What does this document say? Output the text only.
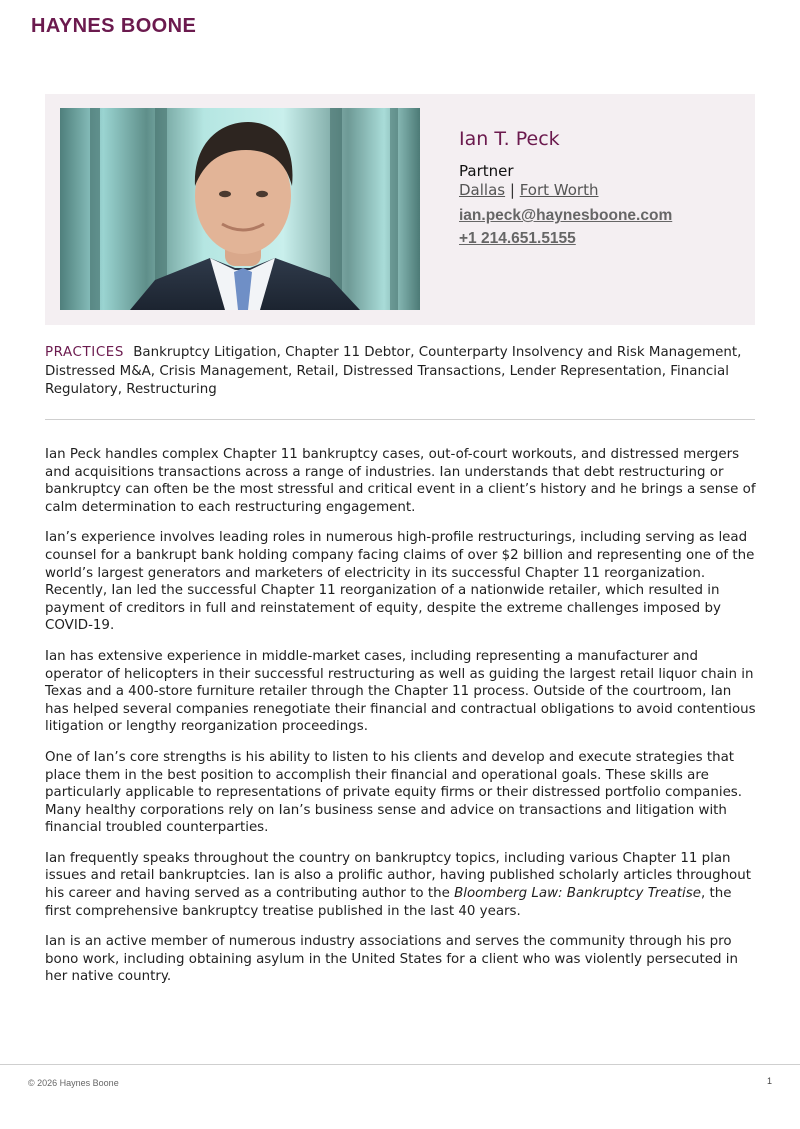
HAYNES BOONE
Ian T. Peck
Partner
Dallas | Fort Worth
ian.peck@haynesboone.com
+1 214.651.5155
PRACTICES Bankruptcy Litigation, Chapter 11 Debtor, Counterparty Insolvency and Risk Management, Distressed M&A, Crisis Management, Retail, Distressed Transactions, Lender Representation, Financial Regulatory, Restructuring

Ian Peck handles complex Chapter 11 bankruptcy cases, out-of-court workouts, and distressed mergers and acquisitions transactions across a range of industries. Ian understands that debt restructuring or bankruptcy can often be the most stressful and critical event in a client’s history and he brings a sense of calm determination to each restructuring engagement.

Ian’s experience involves leading roles in numerous high-profile restructurings, including serving as lead counsel for a bankrupt bank holding company facing claims of over $2 billion and representing one of the world’s largest generators and marketers of electricity in its successful Chapter 11 reorganization. Recently, Ian led the successful Chapter 11 reorganization of a nationwide retailer, which resulted in payment of creditors in full and reinstatement of equity, despite the extreme challenges imposed by COVID-19.

Ian has extensive experience in middle-market cases, including representing a manufacturer and operator of helicopters in their successful restructuring as well as guiding the largest retail liquor chain in Texas and a 400-store furniture retailer through the Chapter 11 process. Outside of the courtroom, Ian has helped several companies renegotiate their financial and contractual obligations to avoid contentious litigation or lengthy reorganization proceedings.

One of Ian’s core strengths is his ability to listen to his clients and develop and execute strategies that place them in the best position to accomplish their financial and operational goals. These skills are particularly applicable to representations of private equity firms or their distressed portfolio companies. Many healthy corporations rely on Ian’s business sense and advice on transactions and litigation with financial troubled counterparties.

Ian frequently speaks throughout the country on bankruptcy topics, including various Chapter 11 plan issues and retail bankruptcies. Ian is also a prolific author, having published scholarly articles throughout his career and having served as a contributing author to the Bloomberg Law: Bankruptcy Treatise, the first comprehensive bankruptcy treatise published in the last 40 years.

Ian is an active member of numerous industry associations and serves the community through his pro bono work, including obtaining asylum in the United States for a client who was violently persecuted in her native country.

© 2026 Haynes Boone	1
